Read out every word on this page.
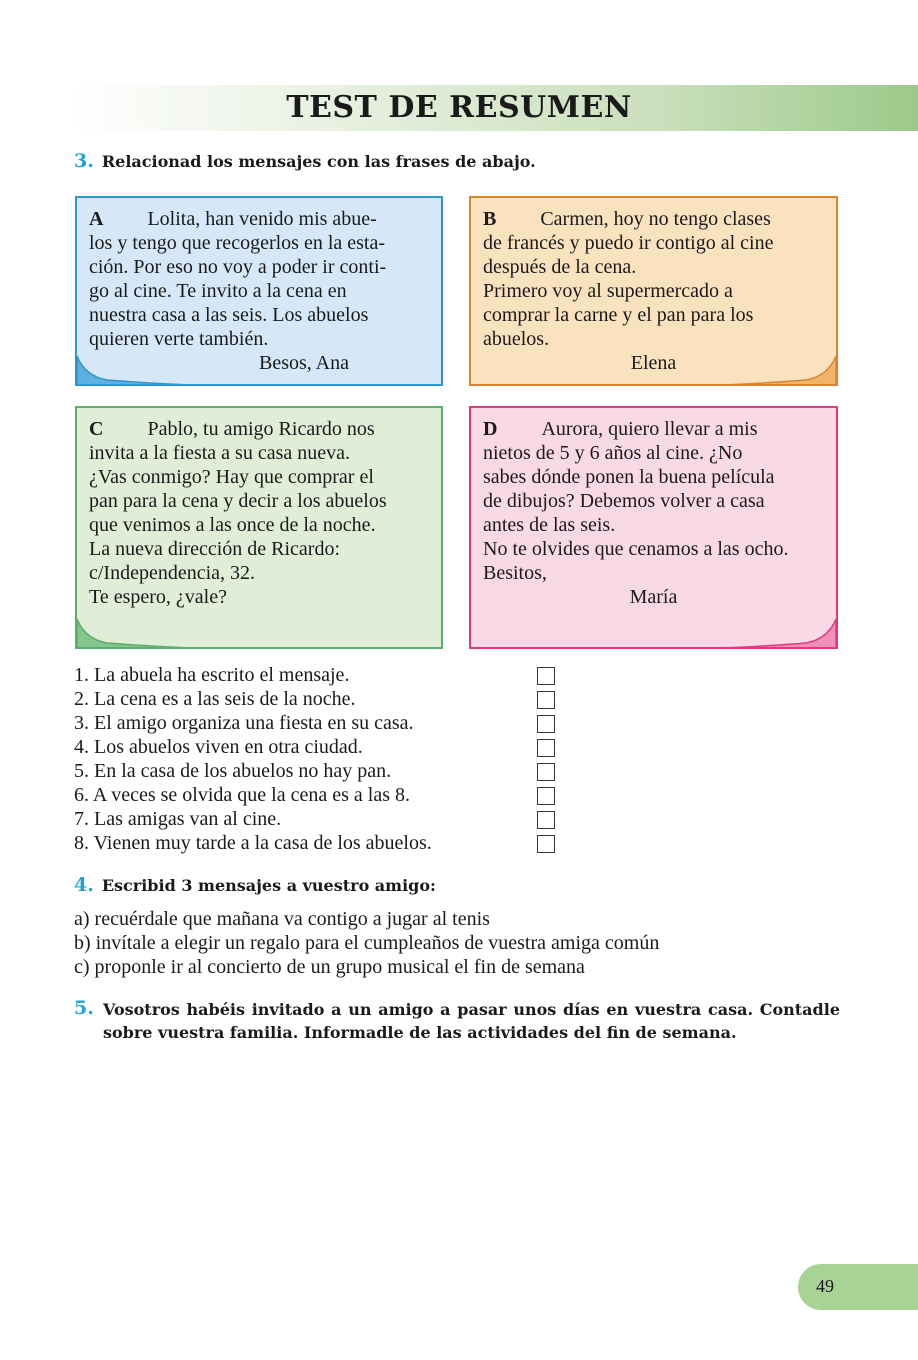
TEST DE RESUMEN
3. Relacionad los mensajes con las frases de abajo.

A Lolita, han venido mis abue-

los y tengo que recogerlos en la esta-

ción. Por eso no voy a poder ir conti-

go al cine. Te invito a la cena en

nuestra casa a las seis. Los abuelos

quieren verte también.

Besos, Ana

B Carmen, hoy no tengo clases

de francés y puedo ir contigo al cine

después de la cena.

Primero voy al supermercado a

comprar la carne y el pan para los

abuelos.

Elena

C Pablo, tu amigo Ricardo nos

invita a la fiesta a su casa nueva.

¿Vas conmigo? Hay que comprar el

pan para la cena y decir a los abuelos

que venimos a las once de la noche.

La nueva dirección de Ricardo:

c/Independencia, 32.

Te espero, ¿vale?

D Aurora, quiero llevar a mis

nietos de 5 y 6 años al cine. ¿No

sabes dónde ponen la buena película

de dibujos? Debemos volver a casa

antes de las seis.

No te olvides que cenamos a las ocho.

Besitos,

María

1. La abuela ha escrito el mensaje.
2. La cena es a las seis de la noche.
3. El amigo organiza una fiesta en su casa.
4. Los abuelos viven en otra ciudad.
5. En la casa de los abuelos no hay pan.
6. A veces se olvida que la cena es a las 8.
7. Las amigas van al cine.
8. Vienen muy tarde a la casa de los abuelos.
4. Escribid 3 mensajes a vuestro amigo:

a) recuérdale que mañana va contigo a jugar al tenis

b) invítale a elegir un regalo para el cumpleaños de vuestra amiga común

c) proponle ir al concierto de un grupo musical el fin de semana

5. Vosotros habéis invitado a un amigo a pasar unos días en vuestra casa. Contadle sobre vuestra familia. Informadle de las actividades del fin de semana.

49
